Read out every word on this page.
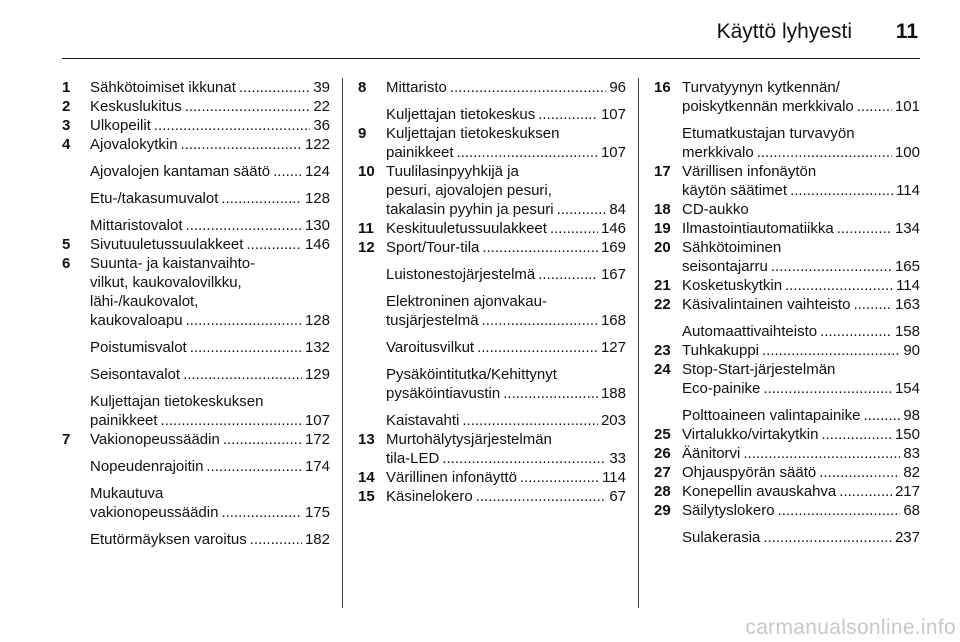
Käyttö lyhyesti 11
1 Sähkötoimiset ikkunat .....	39
2 Keskuslukitus .....	22
3 Ulkopeilit .....	36
4 Ajovalokytkin .....	122
Ajovalojen kantaman säätö ..... 124
Etu-/takasumuvalot .....	128
Mittaristovalot .....	130
5 Sivutuuletussuulakkeet .....	146
6 Suunta- ja kaistanvaihto-
vilkut, kaukovalovilkku,
lähi-/kaukovalot,
kaukovaloapu .....	128
Poistumisvalot .....	132
Seisontavalot .....	129
Kuljettajan tietokeskuksen
painikkeet .....	107
7 Vakionopeussäädin .....	172
Nopeudenrajoitin .....	174
Mukautuva
vakionopeussäädin .....	175
Etutörmäyksen varoitus .....	182
8 Mittaristo .....	96
Kuljettajan tietokeskus .....	107
9 Kuljettajan tietokeskuksen
painikkeet .....	107
10 Tuulilasinpyyhkijä ja
pesuri, ajovalojen pesuri,
takalasin pyyhin ja pesuri .....	84
11 Keskituuletussuulakkeet .....	146
12 Sport/Tour-tila .....	169
Luistonestojärjestelmä .....	167
Elektroninen ajonvakau-
tusjärjestelmä .....	168
Varoitusvilkut .....	127
Pysäköintitutka/Kehittynyt
pysäköintiavustin .....	188
Kaistavahti .....	203
13 Murtohälytysjärjestelmän
tila-LED .....	33
14 Värillinen infonäyttö .....	114
15 Käsinelokero .....	67
16 Turvatyynyn kytkennän/
poiskytkennän merkkivalo .....	101
Etumatkustajan turvavyön
merkkivalo .....	100
17 Värillisen infonäytön
käytön säätimet .....	114
18 CD-aukko
19 Ilmastointiautomatiikka .....	134
20 Sähkötoiminen
seisontajarru .....	165
21 Kosketuskytkin .....	114
22 Käsivalintainen vaihteisto .....	163
Automaattivaihteisto .....	158
23 Tuhkakuppi .....	90
24 Stop-Start-järjestelmän
Eco-painike .....	154
Polttoaineen valintapainike .....	98
25 Virtalukko/virtakytkin .....	150
26 Äänitorvi .....	83
27 Ohjauspyörän säätö .....	82
28 Konepellin avauskahva .....	217
29 Säilytyslokero .....	68
Sulakerasia .....	237
carmanualsonline.info
